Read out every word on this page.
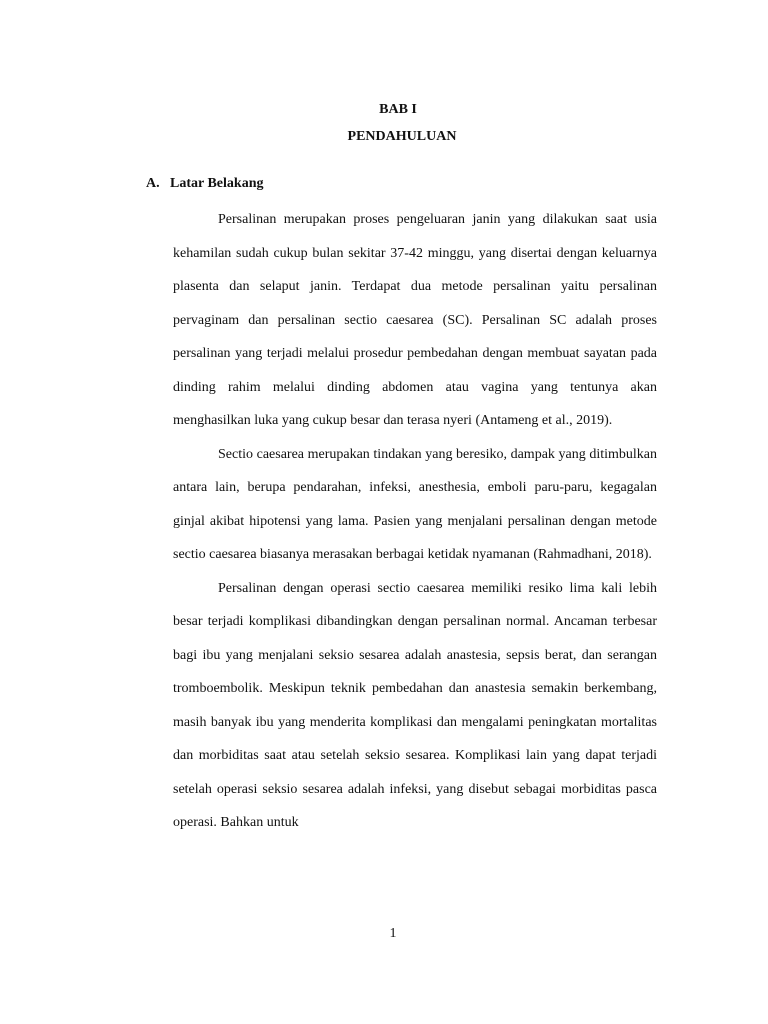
BAB I
PENDAHULUAN
A. Latar Belakang

Persalinan merupakan proses pengeluaran janin yang dilakukan saat usia kehamilan sudah cukup bulan sekitar 37-42 minggu, yang disertai dengan keluarnya plasenta dan selaput janin. Terdapat dua metode persalinan yaitu persalinan pervaginam dan persalinan sectio caesarea (SC). Persalinan SC adalah proses persalinan yang terjadi melalui prosedur pembedahan dengan membuat sayatan pada dinding rahim melalui dinding abdomen atau vagina yang tentunya akan menghasilkan luka yang cukup besar dan terasa nyeri (Antameng et al., 2019).

Sectio caesarea merupakan tindakan yang beresiko, dampak yang ditimbulkan antara lain, berupa pendarahan, infeksi, anesthesia, emboli paru-paru, kegagalan ginjal akibat hipotensi yang lama. Pasien yang menjalani persalinan dengan metode sectio caesarea biasanya merasakan berbagai ketidak nyamanan (Rahmadhani, 2018).

Persalinan dengan operasi sectio caesarea memiliki resiko lima kali lebih besar terjadi komplikasi dibandingkan dengan persalinan normal. Ancaman terbesar bagi ibu yang menjalani seksio sesarea adalah anastesia, sepsis berat, dan serangan tromboembolik. Meskipun teknik pembedahan dan anastesia semakin berkembang, masih banyak ibu yang menderita komplikasi dan mengalami peningkatan mortalitas dan morbiditas saat atau setelah seksio sesarea. Komplikasi lain yang dapat terjadi setelah operasi seksio sesarea adalah infeksi, yang disebut sebagai morbiditas pasca operasi. Bahkan untuk

1
